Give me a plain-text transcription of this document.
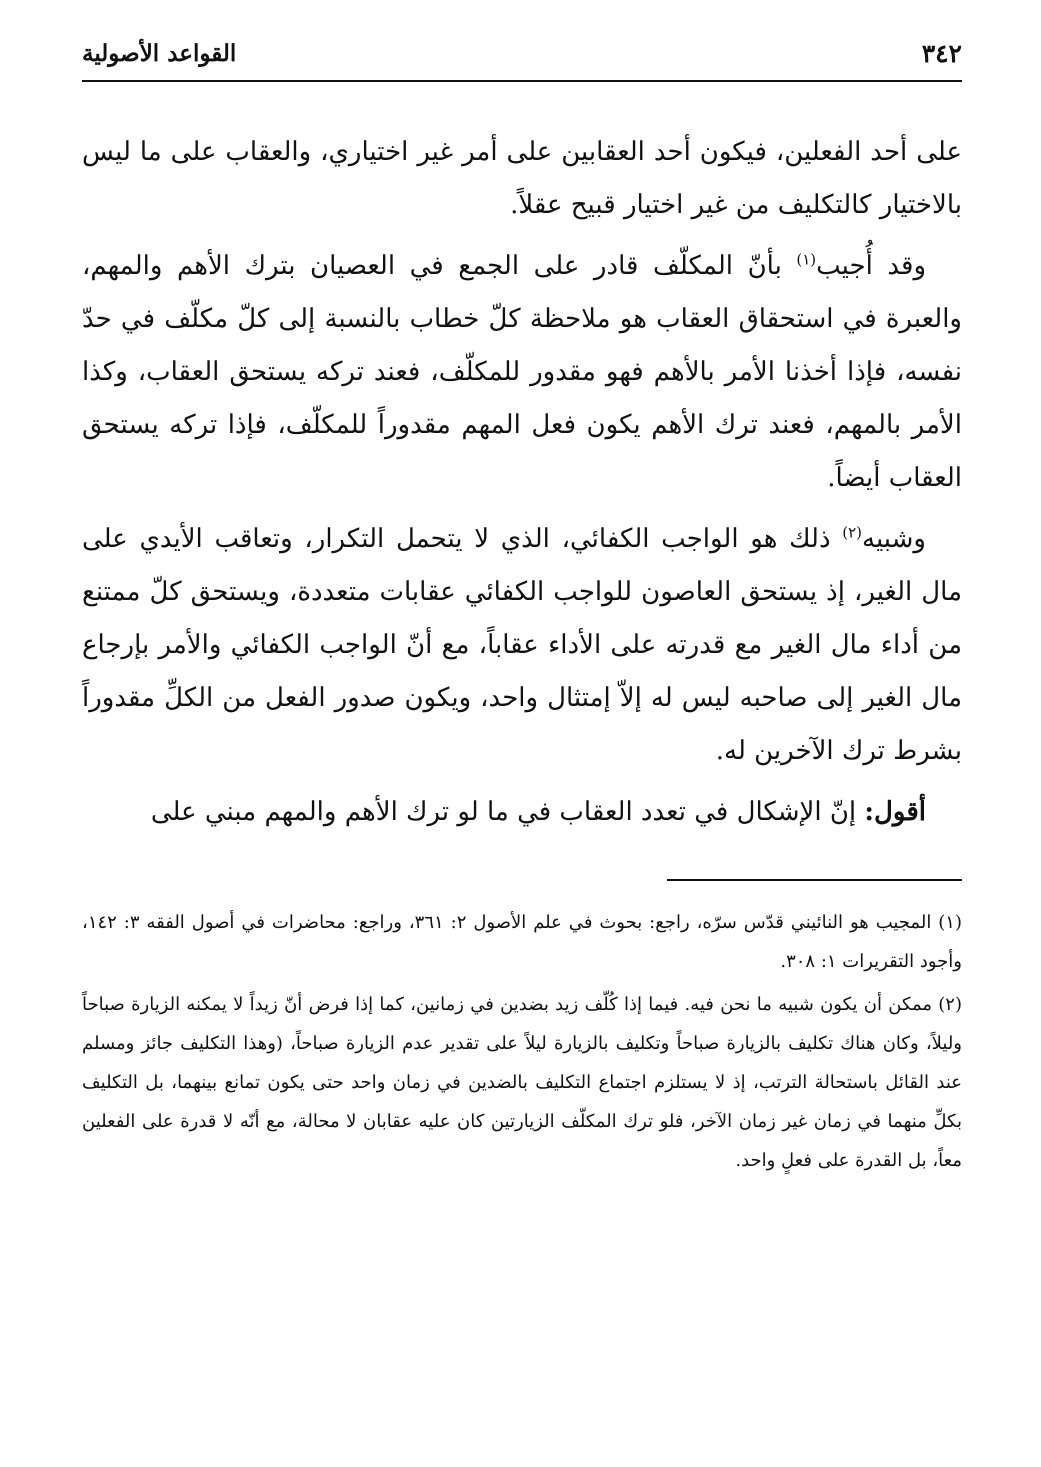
٣٤٢
القواعد الأصولية

على أحد الفعلين، فيكون أحد العقابين على أمر غير اختياري، والعقاب على ما ليس بالاختيار كالتكليف من غير اختيار قبيح عقلاً.

وقد أُجيب$^{(١)}$ بأنّ المكلّف قادر على الجمع في العصيان بترك الأهم والمهم، والعبرة في استحقاق العقاب هو ملاحظة كلّ خطاب بالنسبة إلى كلّ مكلّف في حدّ نفسه، فإذا أخذنا الأمر بالأهم فهو مقدور للمكلّف، فعند تركه يستحق العقاب، وكذا الأمر بالمهم، فعند ترك الأهم يكون فعل المهم مقدوراً للمكلّف، فإذا تركه يستحق العقاب أيضاً.

وشبيه$^{(٢)}$ ذلك هو الواجب الكفائي، الذي لا يتحمل التكرار، وتعاقب الأيدي على مال الغير، إذ يستحق العاصون للواجب الكفائي عقابات متعددة، ويستحق كلّ ممتنع من أداء مال الغير مع قدرته على الأداء عقاباً، مع أنّ الواجب الكفائي والأمر بإرجاع مال الغير إلى صاحبه ليس له إلاّ إمتثال واحد، ويكون صدور الفعل من الكلِّ مقدوراً بشرط ترك الآخرين له.

أقول: إنّ الإشكال في تعدد العقاب في ما لو ترك الأهم والمهم مبني على

(١) المجيب هو النائيني قدّس سرّه، راجع: بحوث في علم الأصول ٢: ٣٦١، وراجع: محاضرات في أصول الفقه ٣: ١٤٢، وأجود التقريرات ١: ٣٠٨.

(٢) ممكن أن يكون شبيه ما نحن فيه. فيما إذا كُلّف زيد بضدين في زمانين، كما إذا فرض أنّ زيداً لا يمكنه الزيارة صباحاً وليلاً، وكان هناك تكليف بالزيارة صباحاً وتكليف بالزيارة ليلاً على تقدير عدم الزيارة صباحاً، (وهذا التكليف جائز ومسلم عند القائل باستحالة الترتب، إذ لا يستلزم اجتماع التكليف بالضدين في زمان واحد حتى يكون تمانع بينهما، بل التكليف بكلِّ منهما في زمان غير زمان الآخر، فلو ترك المكلّف الزيارتين كان عليه عقابان لا محالة، مع أنّه لا قدرة على الفعلين معاً، بل القدرة على فعلٍ واحد.
